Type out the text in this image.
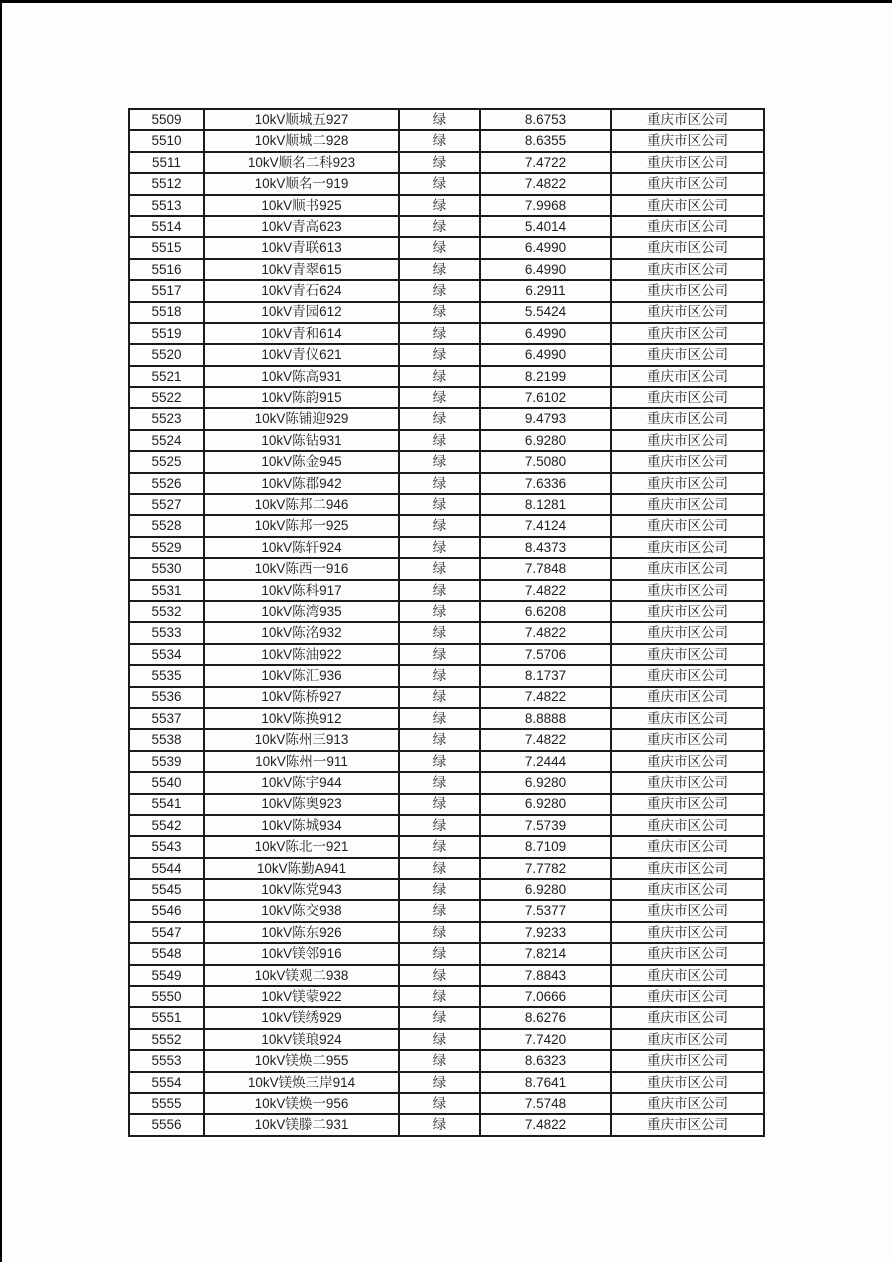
5509	10kV顺城五927	绿	8.6753	重庆市区公司
5510	10kV顺城二928	绿	8.6355	重庆市区公司
5511	10kV顺名二科923	绿	7.4722	重庆市区公司
5512	10kV顺名一919	绿	7.4822	重庆市区公司
5513	10kV顺书925	绿	7.9968	重庆市区公司
5514	10kV青高623	绿	5.4014	重庆市区公司
5515	10kV青联613	绿	6.4990	重庆市区公司
5516	10kV青翠615	绿	6.4990	重庆市区公司
5517	10kV青石624	绿	6.2911	重庆市区公司
5518	10kV青园612	绿	5.5424	重庆市区公司
5519	10kV青和614	绿	6.4990	重庆市区公司
5520	10kV青仪621	绿	6.4990	重庆市区公司
5521	10kV陈高931	绿	8.2199	重庆市区公司
5522	10kV陈韵915	绿	7.6102	重庆市区公司
5523	10kV陈铺迎929	绿	9.4793	重庆市区公司
5524	10kV陈钻931	绿	6.9280	重庆市区公司
5525	10kV陈金945	绿	7.5080	重庆市区公司
5526	10kV陈郡942	绿	7.6336	重庆市区公司
5527	10kV陈邦二946	绿	8.1281	重庆市区公司
5528	10kV陈邦一925	绿	7.4124	重庆市区公司
5529	10kV陈轩924	绿	8.4373	重庆市区公司
5530	10kV陈西一916	绿	7.7848	重庆市区公司
5531	10kV陈科917	绿	7.4822	重庆市区公司
5532	10kV陈湾935	绿	6.6208	重庆市区公司
5533	10kV陈洺932	绿	7.4822	重庆市区公司
5534	10kV陈油922	绿	7.5706	重庆市区公司
5535	10kV陈汇936	绿	8.1737	重庆市区公司
5536	10kV陈桥927	绿	7.4822	重庆市区公司
5537	10kV陈换912	绿	8.8888	重庆市区公司
5538	10kV陈州三913	绿	7.4822	重庆市区公司
5539	10kV陈州一911	绿	7.2444	重庆市区公司
5540	10kV陈宇944	绿	6.9280	重庆市区公司
5541	10kV陈奥923	绿	6.9280	重庆市区公司
5542	10kV陈城934	绿	7.5739	重庆市区公司
5543	10kV陈北一921	绿	8.7109	重庆市区公司
5544	10kV陈勤A941	绿	7.7782	重庆市区公司
5545	10kV陈党943	绿	6.9280	重庆市区公司
5546	10kV陈交938	绿	7.5377	重庆市区公司
5547	10kV陈东926	绿	7.9233	重庆市区公司
5548	10kV镁邻916	绿	7.8214	重庆市区公司
5549	10kV镁观二938	绿	7.8843	重庆市区公司
5550	10kV镁蒙922	绿	7.0666	重庆市区公司
5551	10kV镁绣929	绿	8.6276	重庆市区公司
5552	10kV镁琅924	绿	7.7420	重庆市区公司
5553	10kV镁焕二955	绿	8.6323	重庆市区公司
5554	10kV镁焕三岸914	绿	8.7641	重庆市区公司
5555	10kV镁焕一956	绿	7.5748	重庆市区公司
5556	10kV镁滕二931	绿	7.4822	重庆市区公司
